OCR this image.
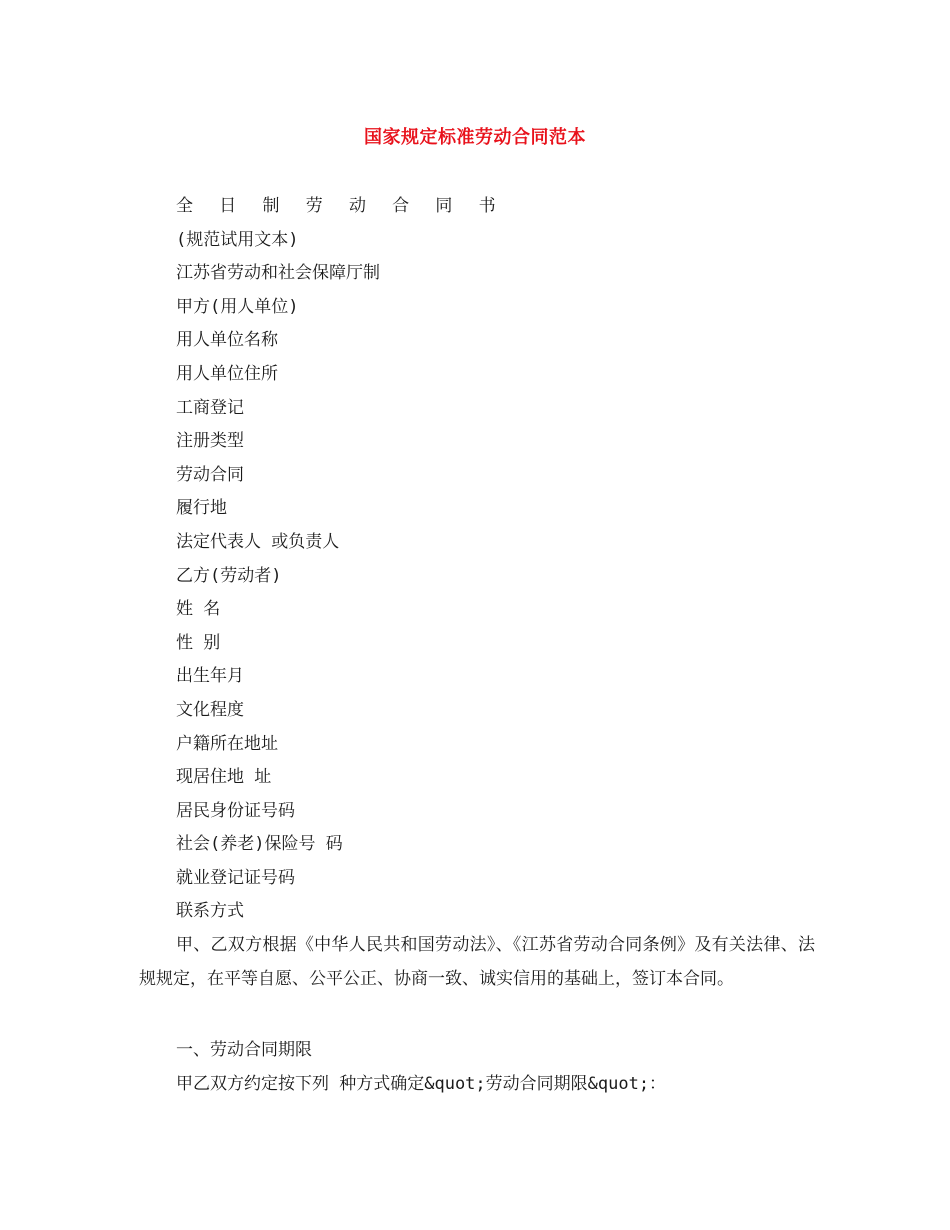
国家规定标准劳动合同范本
全 日 制 劳 动 合 同 书
(规范试用文本)
江苏省劳动和社会保障厅制
甲方(用人单位)
用人单位名称
用人单位住所
工商登记
注册类型
劳动合同
履行地
法定代表人 或负责人
乙方(劳动者)
姓 名
性 别
出生年月
文化程度
户籍所在地址
现居住地 址
居民身份证号码
社会(养老)保险号 码
就业登记证号码
联系方式

甲、乙双方根据《中华人民共和国劳动法》、《江苏省劳动合同条例》及有关法律、法规规定，在平等自愿、公平公正、协商一致、诚实信用的基础上，签订本合同。

一、劳动合同期限

甲乙双方约定按下列 种方式确定&quot;劳动合同期限&quot;：
